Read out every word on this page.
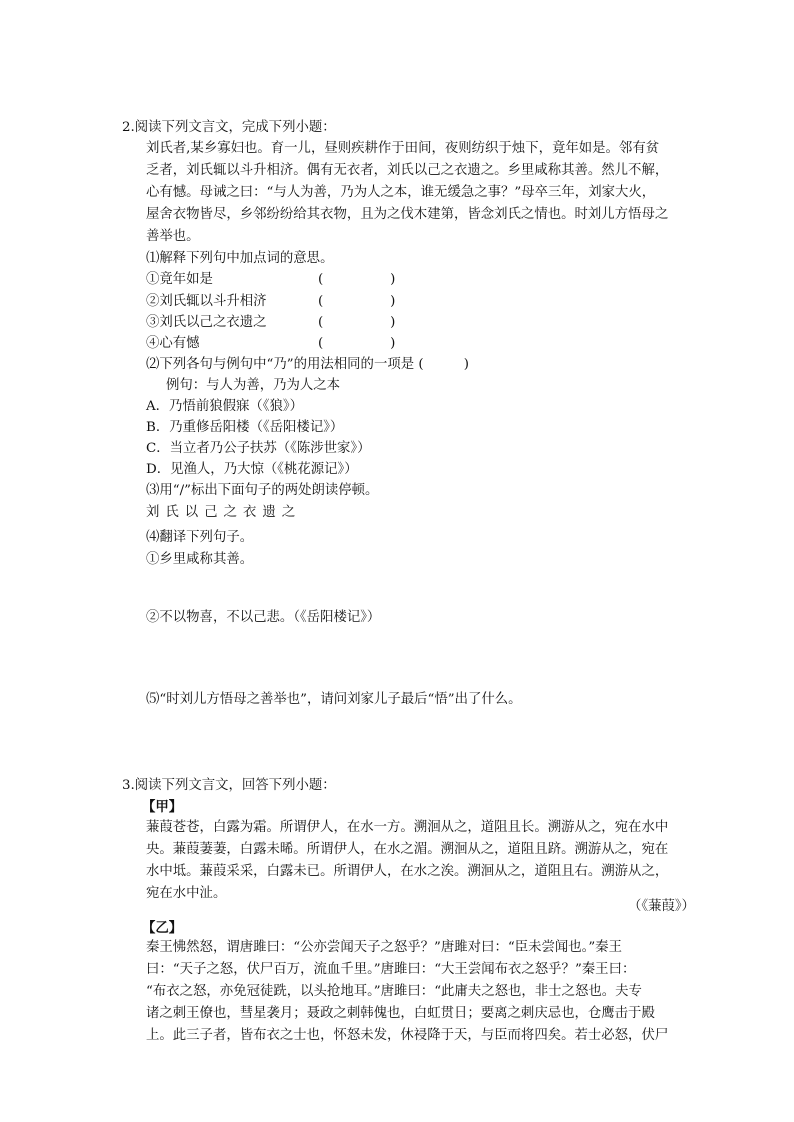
2.阅读下列文言文，完成下列小题：
刘氏者,某乡寡妇也。育一儿，昼则疾耕作于田间，夜则纺织于烛下，竟年如是。邻有贫
乏者，刘氏辄以斗升相济。偶有无衣者，刘氏以己之衣遗之。乡里咸称其善。然儿不解，
心有憾。母诫之曰：“与人为善，乃为人之本，谁无缓急之事？”母卒三年，刘家大火，
屋舍衣物皆尽，乡邻纷纷给其衣物，且为之伐木建第，皆念刘氏之情也。时刘儿方悟母之
善举也。
⑴解释下列句中加点词的意思。
①竟年如是	(　　　　　)
②刘氏辄以斗升相济	(　　　　　)
③刘氏以己之衣遗之	(　　　　　)
④心有憾	(　　　　　)
⑵下列各句与例句中“乃”的用法相同的一项是 (　　　)
例句：与人为善，乃为人之本
A．乃悟前狼假寐（《狼》）
B．乃重修岳阳楼（《岳阳楼记》）
C．当立者乃公子扶苏（《陈涉世家》）
D．见渔人，乃大惊（《桃花源记》）
⑶用“/”标出下面句子的两处朗读停顿。
刘氏以己之衣遗之
⑷翻译下列句子。
①乡里咸称其善。
②不以物喜，不以己悲。（《岳阳楼记》）
⑸“时刘儿方悟母之善举也”，请问刘家儿子最后“悟”出了什么。
3.阅读下列文言文，回答下列小题：
【甲】
蒹葭苍苍，白露为霜。所谓伊人，在水一方。溯洄从之，道阻且长。溯游从之，宛在水中
央。蒹葭萋萋，白露未晞。所谓伊人，在水之湄。溯洄从之，道阻且跻。溯游从之，宛在
水中坻。蒹葭采采，白露未已。所谓伊人，在水之涘。溯洄从之，道阻且右。溯游从之，
宛在水中沚。
（《蒹葭》）
【乙】
秦王怫然怒，谓唐雎曰：“公亦尝闻天子之怒乎？”唐雎对曰：“臣未尝闻也。”秦王
曰：“天子之怒，伏尸百万，流血千里。”唐雎曰：“大王尝闻布衣之怒乎？”秦王曰：
“布衣之怒，亦免冠徒跣，以头抢地耳。”唐雎曰：“此庸夫之怒也，非士之怒也。夫专
诸之刺王僚也，彗星袭月；聂政之刺韩傀也，白虹贯日；要离之刺庆忌也，仓鹰击于殿
上。此三子者，皆布衣之士也，怀怒未发，休祲降于天，与臣而将四矣。若士必怒，伏尸
